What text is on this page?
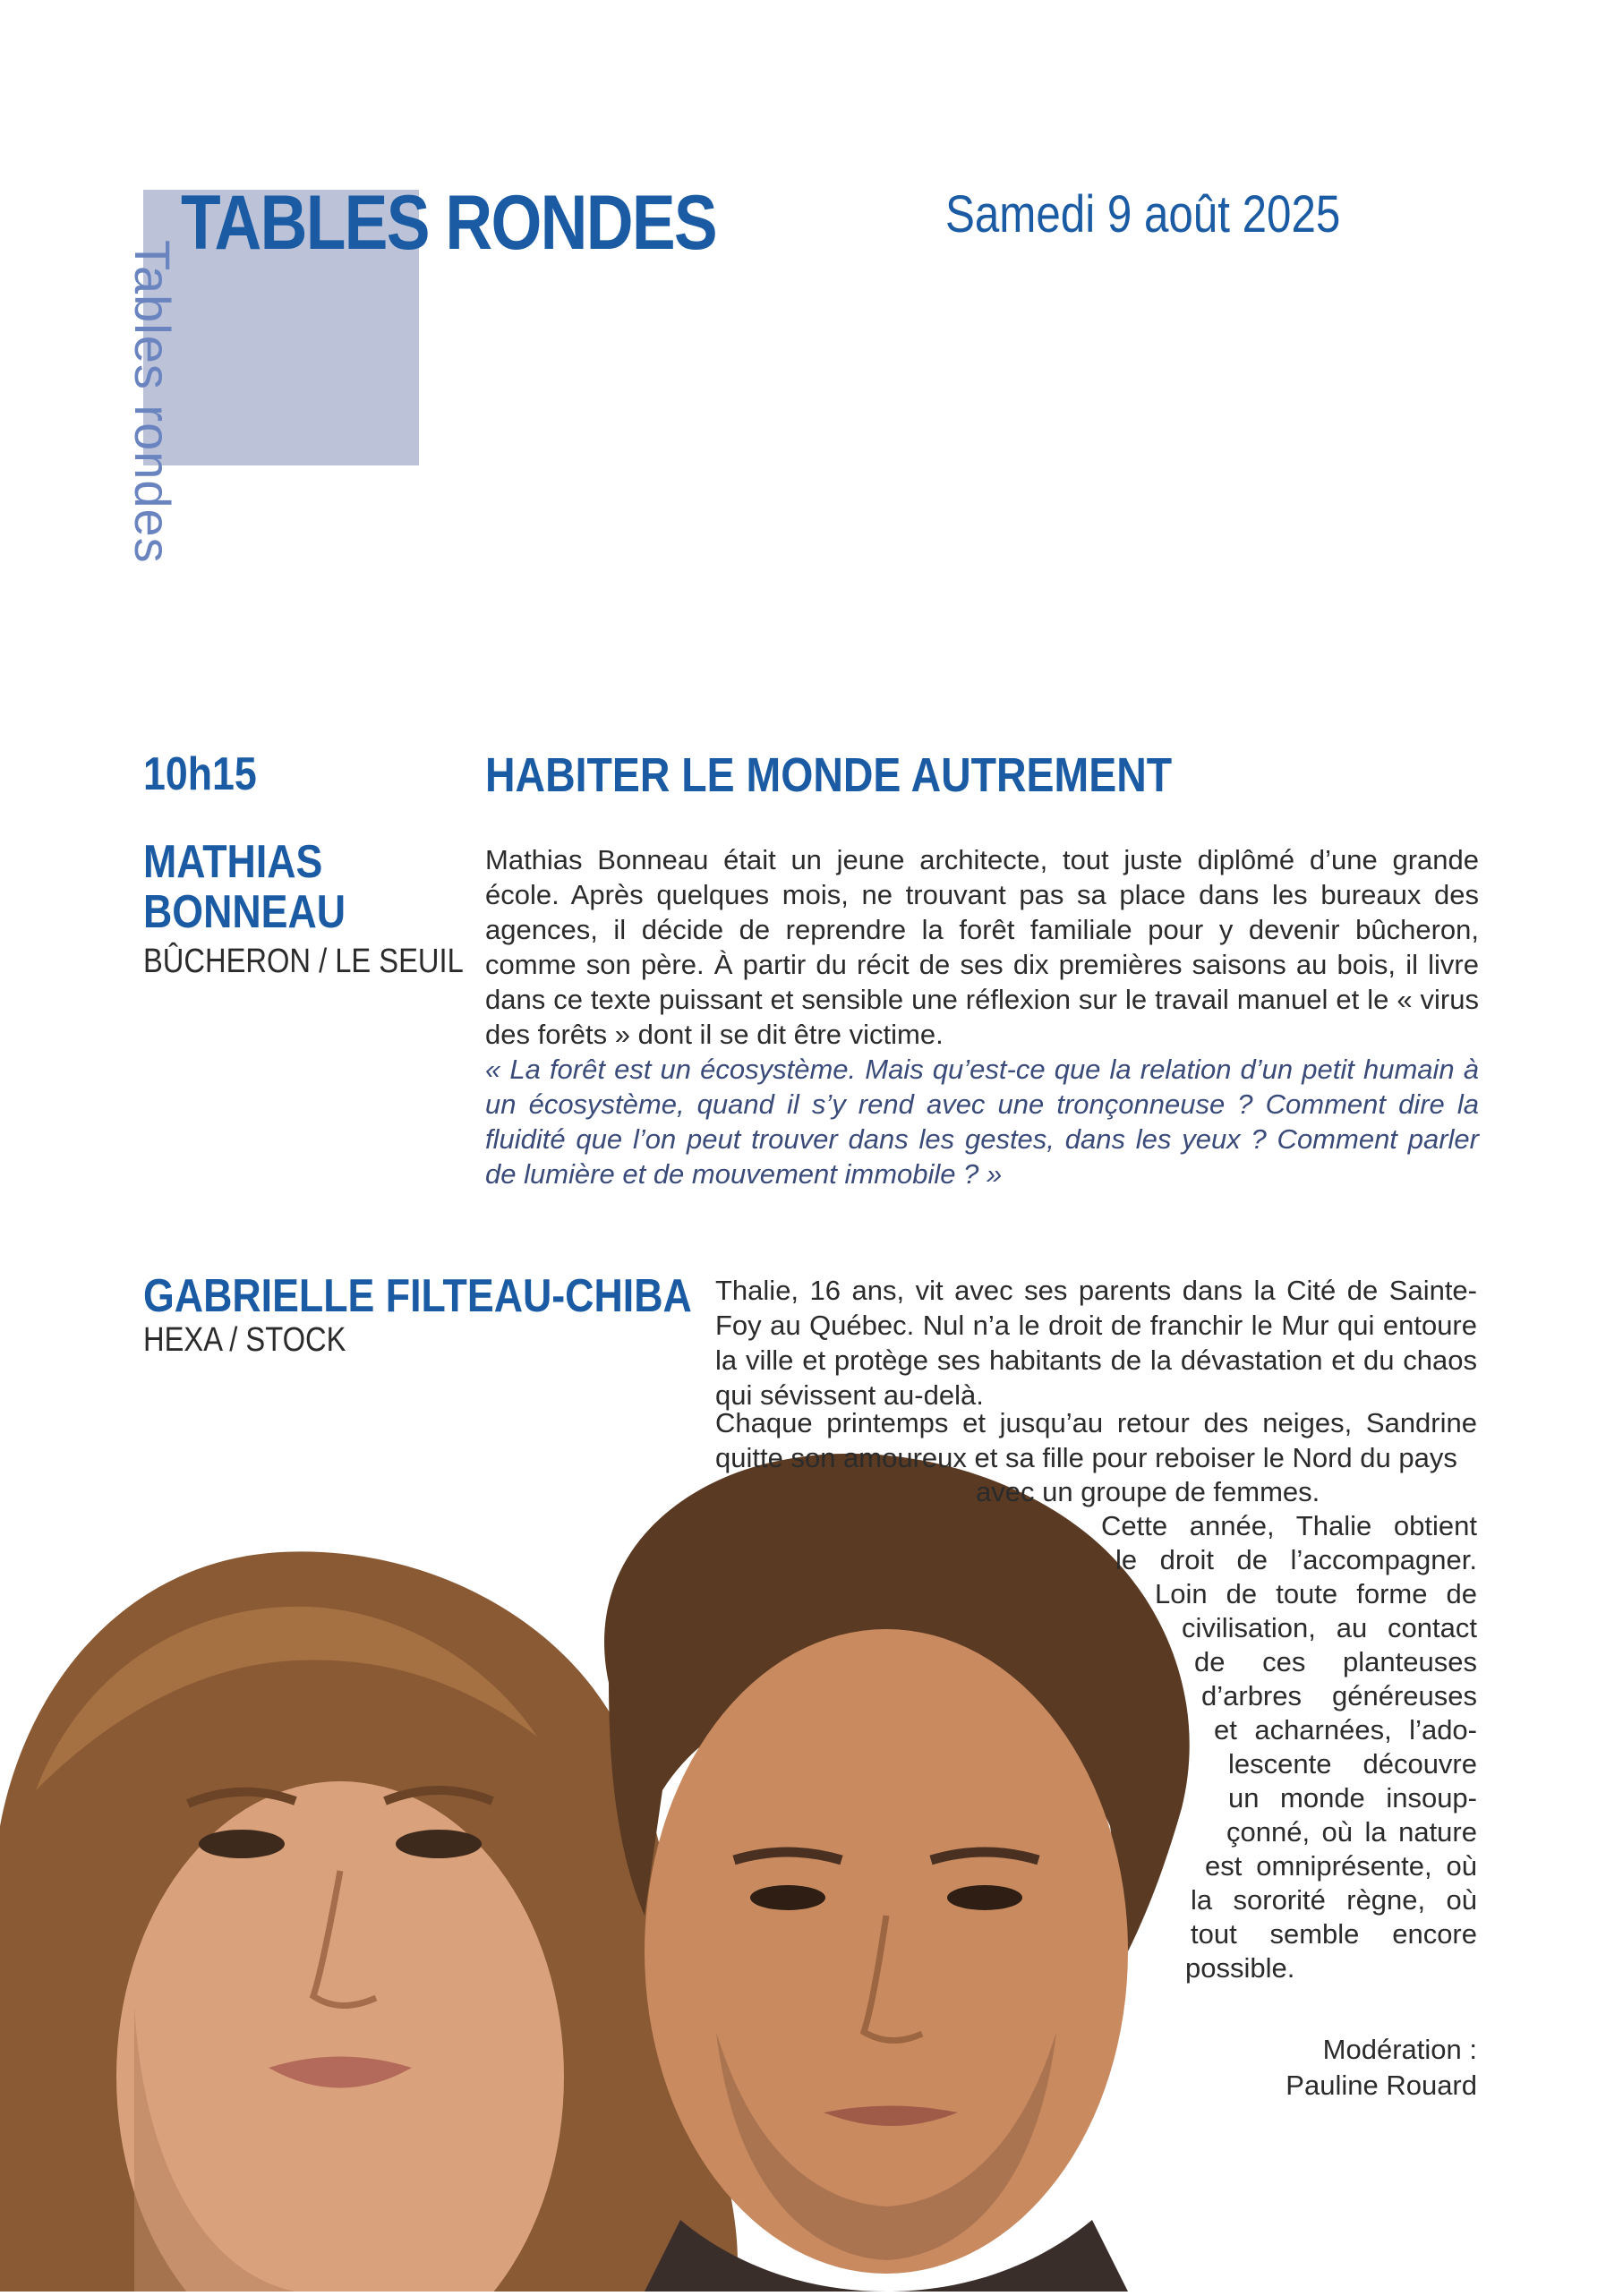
Tables rondes
TABLES RONDES	Samedi 9 août 2025
10h15	HABITER LE MONDE AUTREMENT
MATHIAS
BONNEAU
BÛCHERON / LE SEUIL
Mathias Bonneau était un jeune architecte, tout juste diplômé d’une grande école. Après quelques mois, ne trouvant pas sa place dans les bureaux des agences, il décide de reprendre la forêt familiale pour y devenir bûcheron, comme son père. À partir du récit de ses dix premières saisons au bois, il livre dans ce texte puissant et sensible une réflexion sur le travail manuel et le « virus des forêts » dont il se dit être victime.
« La forêt est un écosystème. Mais qu’est-ce que la relation d’un petit humain à un écosystème, quand il s’y rend avec une tronçonneuse ? Comment dire la fluidité que l’on peut trouver dans les gestes, dans les yeux ? Comment parler de lumière et de mouvement immobile ? »
GABRIELLE FILTEAU-CHIBA
HEXA / STOCK
Thalie, 16 ans, vit avec ses parents dans la Cité de Sainte-Foy au Québec. Nul n’a le droit de franchir le Mur qui entoure la ville et protège ses habitants de la dévastation et du chaos qui sévissent au-delà.
Chaque printemps et jusqu’au retour des neiges, Sandrine quitte son amoureux et sa fille pour reboiser le Nord du pays
avec un groupe de femmes.
Cette année, Thalie obtient
le droit de l’accompagner.
Loin de toute forme de
civilisation, au contact
de ces planteuses
d’arbres généreuses
et acharnées, l’ado-
lescente découvre
un monde insoup-
çonné, où la nature
est omniprésente, où
la sororité règne, où
tout semble encore
possible.
Modération :
Pauline Rouard
